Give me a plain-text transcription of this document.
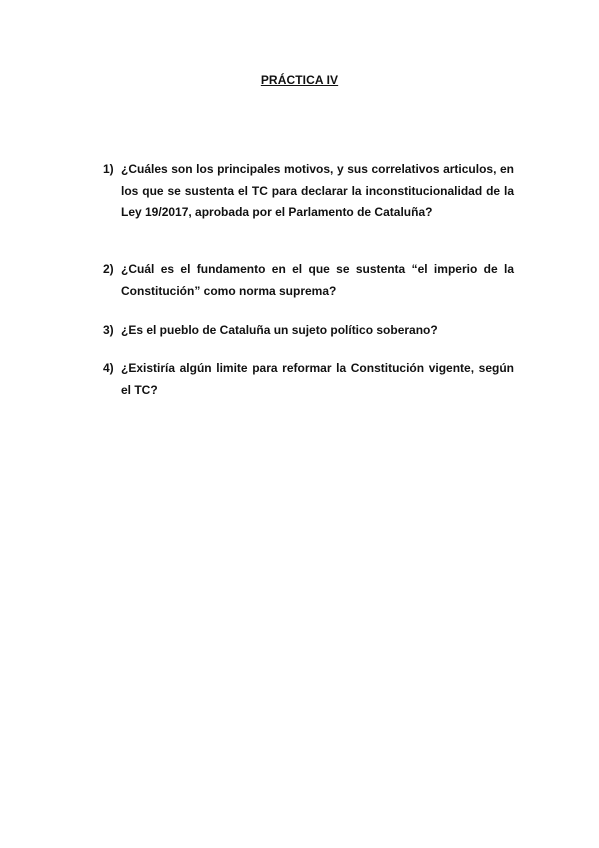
PRÁCTICA IV
1) ¿Cuáles son los principales motivos, y sus correlativos articulos, en los que se sustenta el TC para declarar la inconstitucionalidad de la Ley 19/2017, aprobada por el Parlamento de Cataluña?
2) ¿Cuál es el fundamento en el que se sustenta “el imperio de la Constitución” como norma suprema?
3) ¿Es el pueblo de Cataluña un sujeto político soberano?
4) ¿Existiría algún limite para reformar la Constitución vigente, según el TC?
